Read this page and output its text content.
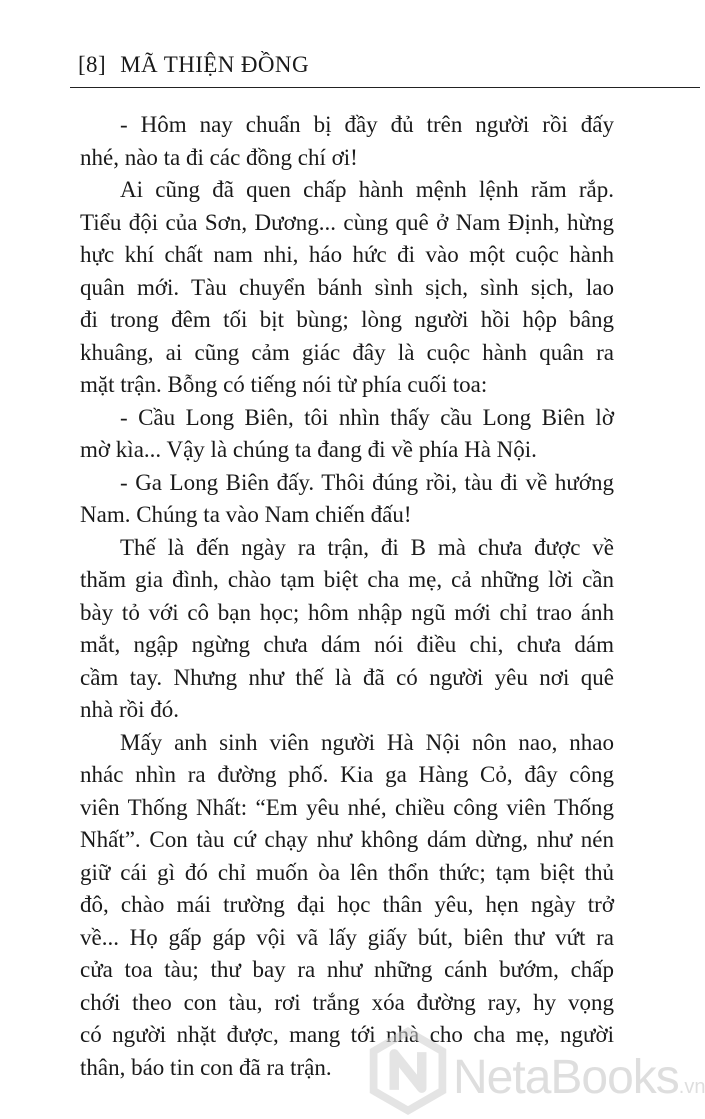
[8] MÃ THIỆN ĐỒNG
- Hôm nay chuẩn bị đầy đủ trên người rồi đấy
nhé, nào ta đi các đồng chí ơi!
Ai cũng đã quen chấp hành mệnh lệnh răm rắp.
Tiểu đội của Sơn, Dương... cùng quê ở Nam Định, hừng
hực khí chất nam nhi, háo hức đi vào một cuộc hành
quân mới. Tàu chuyển bánh sình sịch, sình sịch, lao
đi trong đêm tối bịt bùng; lòng người hồi hộp bâng
khuâng, ai cũng cảm giác đây là cuộc hành quân ra
mặt trận. Bỗng có tiếng nói từ phía cuối toa:
- Cầu Long Biên, tôi nhìn thấy cầu Long Biên lờ
mờ kìa... Vậy là chúng ta đang đi về phía Hà Nội.
- Ga Long Biên đấy. Thôi đúng rồi, tàu đi về hướng
Nam. Chúng ta vào Nam chiến đấu!
Thế là đến ngày ra trận, đi B mà chưa được về
thăm gia đình, chào tạm biệt cha mẹ, cả những lời cần
bày tỏ với cô bạn học; hôm nhập ngũ mới chỉ trao ánh
mắt, ngập ngừng chưa dám nói điều chi, chưa dám
cầm tay. Nhưng như thế là đã có người yêu nơi quê
nhà rồi đó.
Mấy anh sinh viên người Hà Nội nôn nao, nhao
nhác nhìn ra đường phố. Kia ga Hàng Cỏ, đây công
viên Thống Nhất: “Em yêu nhé, chiều công viên Thống
Nhất”. Con tàu cứ chạy như không dám dừng, như nén
giữ cái gì đó chỉ muốn òa lên thổn thức; tạm biệt thủ
đô, chào mái trường đại học thân yêu, hẹn ngày trở
về... Họ gấp gáp vội vã lấy giấy bút, biên thư vứt ra
cửa toa tàu; thư bay ra như những cánh bướm, chấp
chới theo con tàu, rơi trắng xóa đường ray, hy vọng
có người nhặt được, mang tới nhà cho cha mẹ, người
thân, báo tin con đã ra trận.	NetaBooks.vn
